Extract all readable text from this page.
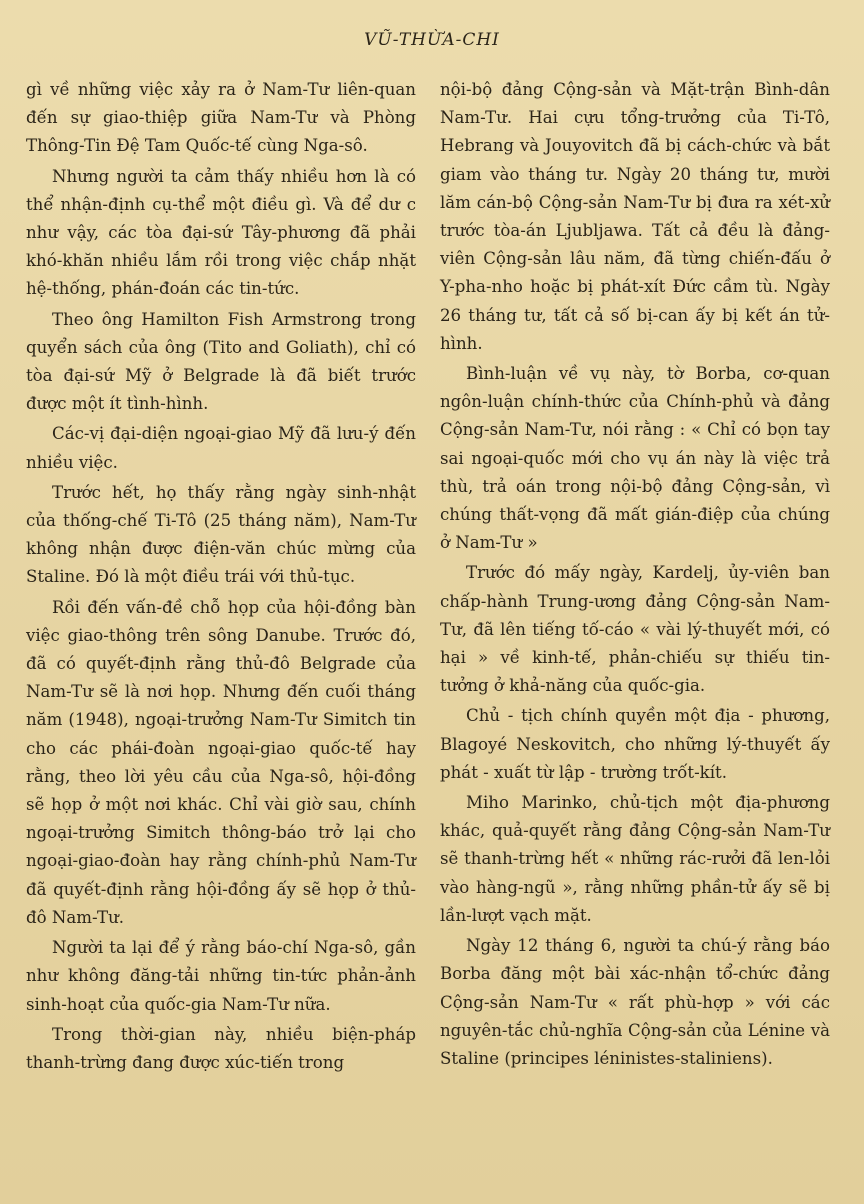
VŨ-THỪA-CHI

gì về những việc xảy ra ở Nam-Tư liên-quan đến sự giao-thiệp giữa Nam-Tư và Phòng Thông-Tin Đệ Tam Quốc-tế cùng Nga-sô.

Nhưng người ta cảm thấy nhiều hơn là có thể nhận-định cụ-thể một điều gì. Và để dư c như vậy, các tòa đại-sứ Tây-phương đã phải khó-khăn nhiều lắm rồi trong việc chắp nhặt hệ-thống, phán-đoán các tin-tức.

Theo ông Hamilton Fish Armstrong trong quyển sách của ông (Tito and Goliath), chỉ có tòa đại-sứ Mỹ ở Belgrade là đã biết trước được một ít tình-hình.

Các-vị đại-diện ngoại-giao Mỹ đã lưu-ý đến nhiều việc.

Trước hết, họ thấy rằng ngày sinh-nhật của thống-chế Ti-Tô (25 tháng năm), Nam-Tư không nhận được điện-văn chúc mừng của Staline. Đó là một điều trái với thủ-tục.

Rồi đến vấn-đề chỗ họp của hội-đồng bàn việc giao-thông trên sông Danube. Trước đó, đã có quyết-định rằng thủ-đô Belgrade của Nam-Tư sẽ là nơi họp. Nhưng đến cuối tháng năm (1948), ngoại-trưởng Nam-Tư Simitch tin cho các phái-đoàn ngoại-giao quốc-tế hay rằng, theo lời yêu cầu của Nga-sô, hội-đồng sẽ họp ở một nơi khác. Chỉ vài giờ sau, chính ngoại-trưởng Simitch thông-báo trở lại cho ngoại-giao-đoàn hay rằng chính-phủ Nam-Tư đã quyết-định rằng hội-đồng ấy sẽ họp ở thủ-đô Nam-Tư.

Người ta lại để ý rằng báo-chí Nga-sô, gần như không đăng-tải những tin-tức phản-ảnh sinh-hoạt của quốc-gia Nam-Tư nữa.

Trong thời-gian này, nhiều biện-pháp thanh-trừng đang được xúc-tiến trong

nội-bộ đảng Cộng-sản và Mặt-trận Bình-dân Nam-Tư. Hai cựu tổng-trưởng của Ti-Tô, Hebrang và Jouyovitch đã bị cách-chức và bắt giam vào tháng tư. Ngày 20 tháng tư, mười lăm cán-bộ Cộng-sản Nam-Tư bị đưa ra xét-xử trước tòa-án Ljubljawa. Tất cả đều là đảng-viên Cộng-sản lâu năm, đã từng chiến-đấu ở Y-pha-nho hoặc bị phát-xít Đức cầm tù. Ngày 26 tháng tư, tất cả số bị-can ấy bị kết án tử-hình.

Bình-luận về vụ này, tờ Borba, cơ-quan ngôn-luận chính-thức của Chính-phủ và đảng Cộng-sản Nam-Tư, nói rằng : « Chỉ có bọn tay sai ngoại-quốc mới cho vụ án này là việc trả thù, trả oán trong nội-bộ đảng Cộng-sản, vì chúng thất-vọng đã mất gián-điệp của chúng ở Nam-Tư »

Trước đó mấy ngày, Kardelj, ủy-viên ban chấp-hành Trung-ương đảng Cộng-sản Nam-Tư, đã lên tiếng tố-cáo « vài lý-thuyết mới, có hại » về kinh-tế, phản-chiếu sự thiếu tin-tưởng ở khả-năng của quốc-gia.

Chủ - tịch chính quyền một địa - phương, Blagoyé Neskovitch, cho những lý-thuyết ấy phát - xuất từ lập - trường trốt-kít.

Miho Marinko, chủ-tịch một địa-phương khác, quả-quyết rằng đảng Cộng-sản Nam-Tư sẽ thanh-trừng hết « những rác-rưởi đã len-lỏi vào hàng-ngũ », rằng những phần-tử ấy sẽ bị lần-lượt vạch mặt.

Ngày 12 tháng 6, người ta chú-ý rằng báo Borba đăng một bài xác-nhận tổ-chức đảng Cộng-sản Nam-Tư « rất phù-hợp » với các nguyên-tắc chủ-nghĩa Cộng-sản của Lénine và Staline (principes léninistes-staliniens).
